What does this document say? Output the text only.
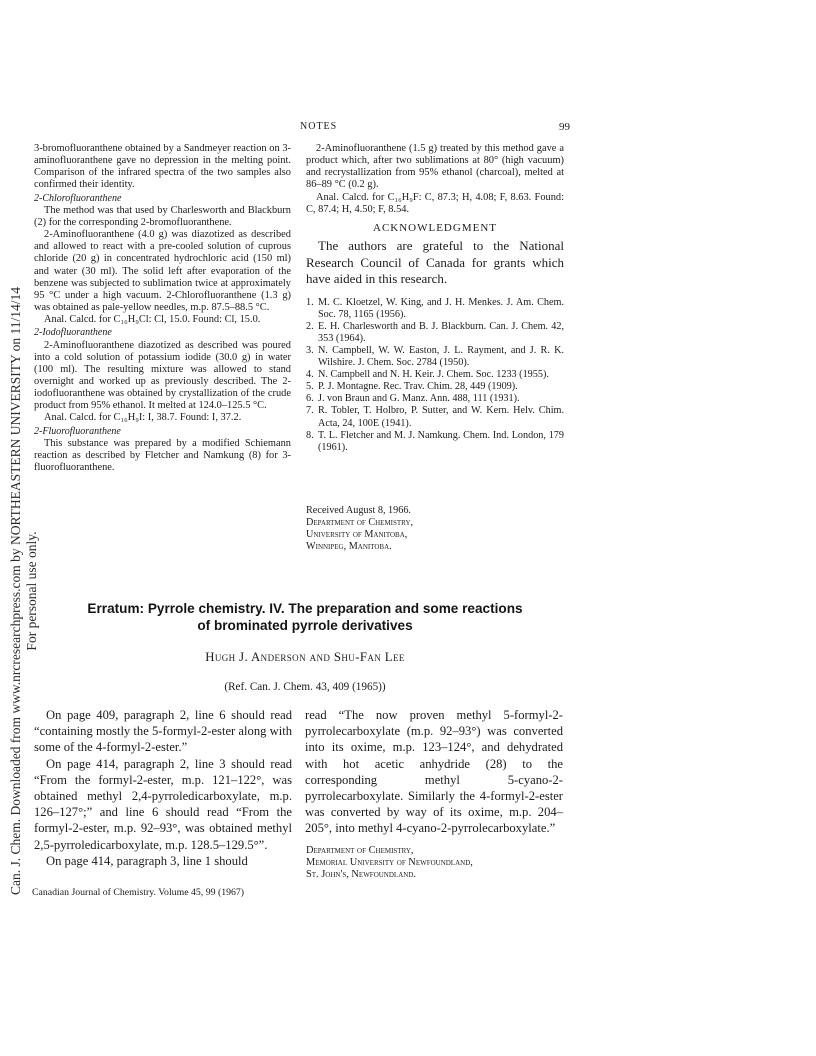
Can. J. Chem. Downloaded from www.nrcresearchpress.com by NORTHEASTERN UNIVERSITY on 11/14/14 For personal use only.
NOTES	99

3-bromofluoranthene obtained by a Sandmeyer reaction on 3-aminofluoranthene gave no depression in the melting point. Comparison of the infrared spectra of the two samples also confirmed their identity.

2-Chlorofluoranthene

The method was that used by Charlesworth and Blackburn (2) for the corresponding 2-bromofluoranthene.

2-Aminofluoranthene (4.0 g) was diazotized as described and allowed to react with a pre-cooled solution of cuprous chloride (20 g) in concentrated hydrochloric acid (150 ml) and water (30 ml). The solid left after evaporation of the benzene was subjected to sublimation twice at approximately 95 °C under a high vacuum. 2-Chlorofluoranthene (1.3 g) was obtained as pale-yellow needles, m.p. 87.5–88.5 °C.

Anal. Calcd. for C₁₆H₉Cl: Cl, 15.0. Found: Cl, 15.0.

2-Iodofluoranthene

2-Aminofluoranthene diazotized as described was poured into a cold solution of potassium iodide (30.0 g) in water (100 ml). The resulting mixture was allowed to stand overnight and worked up as previously described. The 2-iodofluoranthene was obtained by crystallization of the crude product from 95% ethanol. It melted at 124.0–125.5 °C.

Anal. Calcd. for C₁₆H₉I: I, 38.7. Found: I, 37.2.

2-Fluorofluoranthene

This substance was prepared by a modified Schiemann reaction as described by Fletcher and Namkung (8) for 3-fluorofluoranthene.

2-Aminofluoranthene (1.5 g) treated by this method gave a product which, after two sublimations at 80° (high vacuum) and recrystallization from 95% ethanol (charcoal), melted at 86–89 °C (0.2 g).

Anal. Calcd. for C₁₆H₉F: C, 87.3; H, 4.08; F, 8.63. Found: C, 87.4; H, 4.50; F, 8.54.

ACKNOWLEDGMENT

The authors are grateful to the National Research Council of Canada for grants which have aided in this research.

1. M. C. Kloetzel, W. King, and J. H. Menkes. J. Am. Chem. Soc. 78, 1165 (1956).
2. E. H. Charlesworth and B. J. Blackburn. Can. J. Chem. 42, 353 (1964).
3. N. Campbell, W. W. Easton, J. L. Rayment, and J. R. K. Wilshire. J. Chem. Soc. 2784 (1950).
4. N. Campbell and N. H. Keir. J. Chem. Soc. 1233 (1955).
5. P. J. Montagne. Rec. Trav. Chim. 28, 449 (1909).
6. J. von Braun and G. Manz. Ann. 488, 111 (1931).
7. R. Tobler, T. Holbro, P. Sutter, and W. Kern. Helv. Chim. Acta, 24, 100E (1941).
8. T. L. Fletcher and M. J. Namkung. Chem. Ind. London, 179 (1961).
Received August 8, 1966.
Department of Chemistry,
University of Manitoba,
Winnipeg, Manitoba.
Erratum: Pyrrole chemistry. IV. The preparation and some reactions
of brominated pyrrole derivatives
Hugh J. Anderson and Shu-Fan Lee
(Ref. Can. J. Chem. 43, 409 (1965))

On page 409, paragraph 2, line 6 should read “containing mostly the 5-formyl-2-ester along with some of the 4-formyl-2-ester.”

On page 414, paragraph 2, line 3 should read “From the formyl-2-ester, m.p. 121–122°, was obtained methyl 2,4-pyrroledicarboxylate, m.p. 126–127°;” and line 6 should read “From the formyl-2-ester, m.p. 92–93°, was obtained methyl 2,5-pyrroledicarboxylate, m.p. 128.5–129.5°”.

On page 414, paragraph 3, line 1 should

read “The now proven methyl 5-formyl-2-pyrrolecarboxylate (m.p. 92–93°) was converted into its oxime, m.p. 123–124°, and dehydrated with hot acetic anhydride (28) to the corresponding methyl 5-cyano-2-pyrrolecarboxylate. Similarly the 4-formyl-2-ester was converted by way of its oxime, m.p. 204–205°, into methyl 4-cyano-2-pyrrolecarboxylate.”

Department of Chemistry,
Memorial University of Newfoundland,
St. John's, Newfoundland.
Canadian Journal of Chemistry. Volume 45, 99 (1967)
